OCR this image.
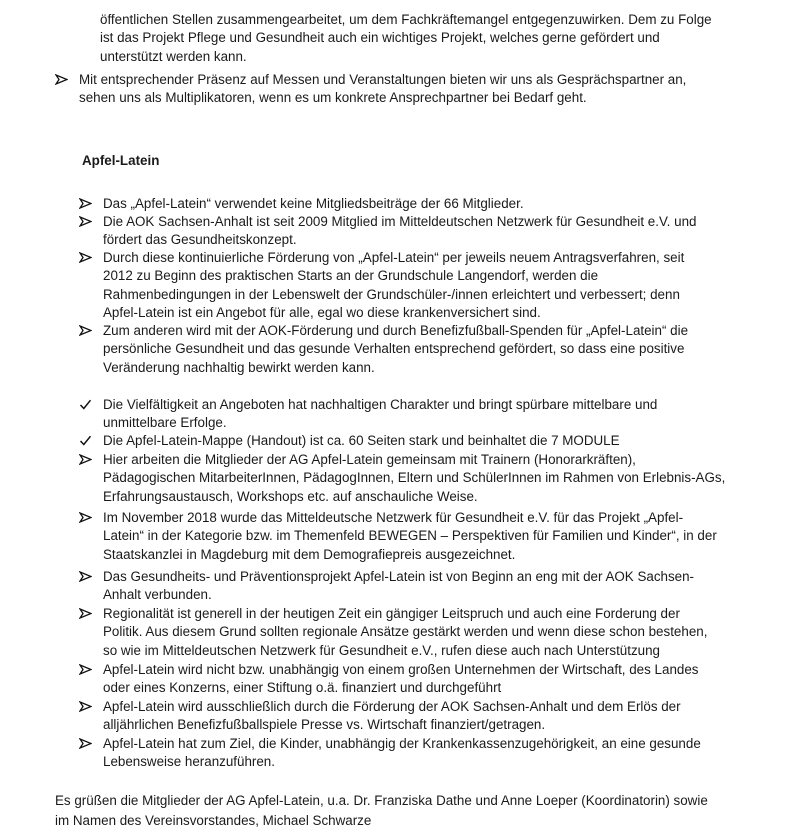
öffentlichen Stellen zusammengearbeitet, um dem Fachkräftemangel entgegenzuwirken. Dem zu Folge
ist das Projekt Pflege und Gesundheit auch ein wichtiges Projekt, welches gerne gefördert und
unterstützt werden kann.
Mit entsprechender Präsenz auf Messen und Veranstaltungen bieten wir uns als Gesprächspartner an,
sehen uns als Multiplikatoren, wenn es um konkrete Ansprechpartner bei Bedarf geht.
Apfel-Latein
Das „Apfel-Latein“ verwendet keine Mitgliedsbeiträge der 66 Mitglieder.
Die AOK Sachsen-Anhalt ist seit 2009 Mitglied im Mitteldeutschen Netzwerk für Gesundheit e.V. und
fördert das Gesundheitskonzept.
Durch diese kontinuierliche Förderung von „Apfel-Latein“ per jeweils neuem Antragsverfahren, seit
2012 zu Beginn des praktischen Starts an der Grundschule Langendorf, werden die
Rahmenbedingungen in der Lebenswelt der Grundschüler-/innen erleichtert und verbessert; denn
Apfel-Latein ist ein Angebot für alle, egal wo diese krankenversichert sind.
Zum anderen wird mit der AOK-Förderung und durch Benefizfußball-Spenden für „Apfel-Latein“ die
persönliche Gesundheit und das gesunde Verhalten entsprechend gefördert, so dass eine positive
Veränderung nachhaltig bewirkt werden kann.
Die Vielfältigkeit an Angeboten hat nachhaltigen Charakter und bringt spürbare mittelbare und
unmittelbare Erfolge.
Die Apfel-Latein-Mappe (Handout) ist ca. 60 Seiten stark und beinhaltet die 7 MODULE
Hier arbeiten die Mitglieder der AG Apfel-Latein gemeinsam mit Trainern (Honorarkräften),
Pädagogischen MitarbeiterInnen, PädagogInnen, Eltern und SchülerInnen im Rahmen von Erlebnis-AGs,
Erfahrungsaustausch, Workshops etc. auf anschauliche Weise.
Im November 2018 wurde das Mitteldeutsche Netzwerk für Gesundheit e.V. für das Projekt „Apfel-
Latein“ in der Kategorie bzw. im Themenfeld BEWEGEN – Perspektiven für Familien und Kinder“, in der
Staatskanzlei in Magdeburg mit dem Demografiepreis ausgezeichnet.
Das Gesundheits- und Präventionsprojekt Apfel-Latein ist von Beginn an eng mit der AOK Sachsen-
Anhalt verbunden.
Regionalität ist generell in der heutigen Zeit ein gängiger Leitspruch und auch eine Forderung der
Politik. Aus diesem Grund sollten regionale Ansätze gestärkt werden und wenn diese schon bestehen,
so wie im Mitteldeutschen Netzwerk für Gesundheit e.V., rufen diese auch nach Unterstützung
Apfel-Latein wird nicht bzw. unabhängig von einem großen Unternehmen der Wirtschaft, des Landes
oder eines Konzerns, einer Stiftung o.ä. finanziert und durchgeführt
Apfel-Latein wird ausschließlich durch die Förderung der AOK Sachsen-Anhalt und dem Erlös der
alljährlichen Benefizfußballspiele Presse vs. Wirtschaft finanziert/getragen.
Apfel-Latein hat zum Ziel, die Kinder, unabhängig der Krankenkassenzugehörigkeit, an eine gesunde
Lebensweise heranzuführen.
Es grüßen die Mitglieder der AG Apfel-Latein, u.a. Dr. Franziska Dathe und Anne Loeper (Koordinatorin) sowie
im Namen des Vereinsvorstandes, Michael Schwarze
